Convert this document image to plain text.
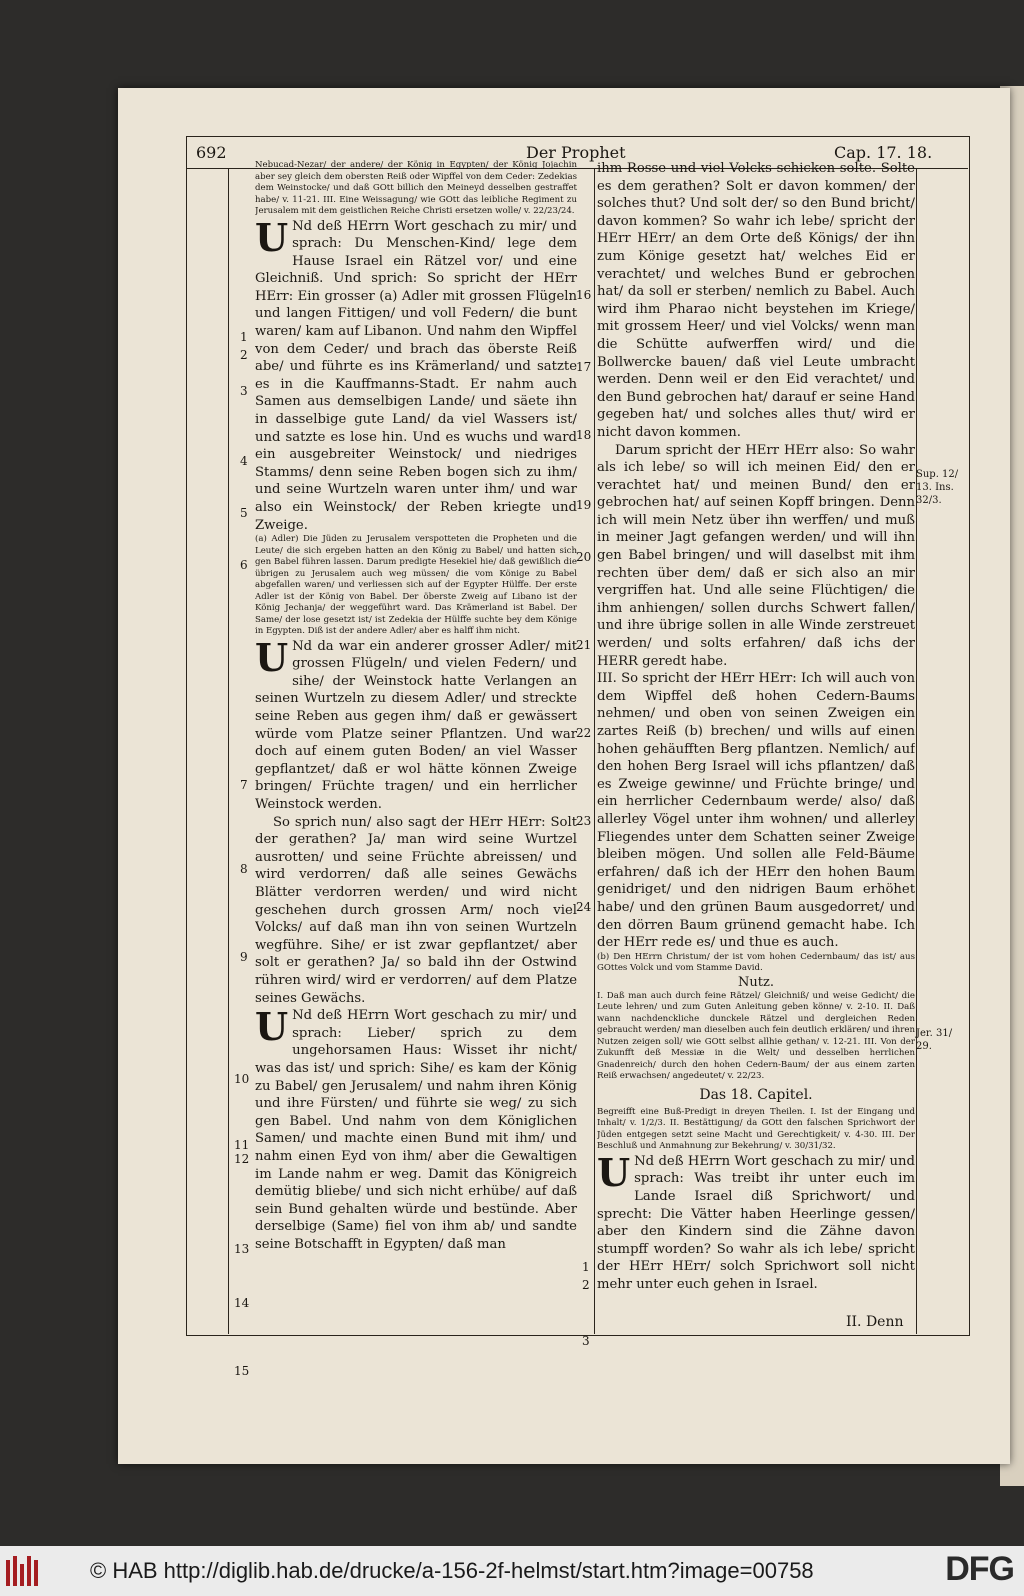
692	Der Prophet	Cap. 17. 18.
1
2
3
4
5
6
7
8
9
10
11
12
13
14
15

Nebucad-Nezar/ der andere/ der König in Egypten/ der König Jojachin aber sey gleich dem obersten Reiß oder Wipffel von dem Ceder: Zedekias dem Weinstocke/ und daß GOtt billich den Meineyd desselben gestraffet habe/ v. 11-21. III. Eine Weissagung/ wie GOtt das leibliche Regiment zu Jerusalem mit dem geistlichen Reiche Christi ersetzen wolle/ v. 22/23/24.

U Nd deß HErrn Wort geschach zu mir/ und sprach: Du Menschen-Kind/ lege dem Hause Israel ein Rätzel vor/ und eine Gleichniß. Und sprich: So spricht der HErr HErr: Ein grosser (a) Adler mit grossen Flügeln und langen Fittigen/ und voll Federn/ die bunt waren/ kam auf Libanon. Und nahm den Wipffel von dem Ceder/ und brach das öberste Reiß abe/ und führte es ins Krämerland/ und satzte es in die Kauffmanns-Stadt. Er nahm auch Samen aus demselbigen Lande/ und säete ihn in dasselbige gute Land/ da viel Wassers ist/ und satzte es lose hin. Und es wuchs und ward ein ausgebreiter Weinstock/ und niedriges Stamms/ denn seine Reben bogen sich zu ihm/ und seine Wurtzeln waren unter ihm/ und war also ein Weinstock/ der Reben kriegte und Zweige.

(a) Adler) Die Jüden zu Jerusalem verspotteten die Propheten und die Leute/ die sich ergeben hatten an den König zu Babel/ und hatten sich gen Babel führen lassen. Darum predigte Hesekiel hie/ daß gewißlich die übrigen zu Jerusalem auch weg müssen/ die vom Könige zu Babel abgefallen waren/ und verliessen sich auf der Egypter Hülffe. Der erste Adler ist der König von Babel. Der öberste Zweig auf Libano ist der König Jechanja/ der weggeführt ward. Das Krämerland ist Babel. Der Same/ der lose gesetzt ist/ ist Zedekia der Hülffe suchte bey dem Könige in Egypten. Diß ist der andere Adler/ aber es halff ihm nicht.

U Nd da war ein anderer grosser Adler/ mit grossen Flügeln/ und vielen Federn/ und sihe/ der Weinstock hatte Verlangen an seinen Wurtzeln zu diesem Adler/ und streckte seine Reben aus gegen ihm/ daß er gewässert würde vom Platze seiner Pflantzen. Und war doch auf einem guten Boden/ an viel Wasser gepflantzet/ daß er wol hätte können Zweige bringen/ Früchte tragen/ und ein herrlicher Weinstock werden.

So sprich nun/ also sagt der HErr HErr: Solt der gerathen? Ja/ man wird seine Wurtzel ausrotten/ und seine Früchte abreissen/ und wird verdorren/ daß alle seines Gewächs Blätter verdorren werden/ und wird nicht geschehen durch grossen Arm/ noch viel Volcks/ auf daß man ihn von seinen Wurtzeln wegführe. Sihe/ er ist zwar gepflantzet/ aber solt er gerathen? Ja/ so bald ihn der Ostwind rühren wird/ wird er verdorren/ auf dem Platze seines Gewächs.

U Nd deß HErrn Wort geschach zu mir/ und sprach: Lieber/ sprich zu dem ungehorsamen Haus: Wisset ihr nicht/ was das ist/ und sprich: Sihe/ es kam der König zu Babel/ gen Jerusalem/ und nahm ihren König und ihre Fürsten/ und führte sie weg/ zu sich gen Babel. Und nahm von dem Königlichen Samen/ und machte einen Bund mit ihm/ und nahm einen Eyd von ihm/ aber die Gewaltigen im Lande nahm er weg. Damit das Königreich demütig bliebe/ und sich nicht erhübe/ auf daß sein Bund gehalten würde und bestünde. Aber derselbige (Same) fiel von ihm ab/ und sandte seine Botschafft in Egypten/ daß man

16
17
18
19
20
21
22
23
24
1
2
3

ihm Rosse und viel Volcks schicken solte. Solte es dem gerathen? Solt er davon kommen/ der solches thut? Und solt der/ so den Bund bricht/ davon kommen? So wahr ich lebe/ spricht der HErr HErr/ an dem Orte deß Königs/ der ihn zum Könige gesetzt hat/ welches Eid er verachtet/ und welches Bund er gebrochen hat/ da soll er sterben/ nemlich zu Babel. Auch wird ihm Pharao nicht beystehen im Kriege/ mit grossem Heer/ und viel Volcks/ wenn man die Schütte aufwerffen wird/ und die Bollwercke bauen/ daß viel Leute umbracht werden. Denn weil er den Eid verachtet/ und den Bund gebrochen hat/ darauf er seine Hand gegeben hat/ und solches alles thut/ wird er nicht davon kommen.

Darum spricht der HErr HErr also: So wahr als ich lebe/ so will ich meinen Eid/ den er verachtet hat/ und meinen Bund/ den er gebrochen hat/ auf seinen Kopff bringen. Denn ich will mein Netz über ihn werffen/ und muß in meiner Jagt gefangen werden/ und will ihn gen Babel bringen/ und will daselbst mit ihm rechten über dem/ daß er sich also an mir vergriffen hat. Und alle seine Flüchtigen/ die ihm anhiengen/ sollen durchs Schwert fallen/ und ihre übrige sollen in alle Winde zerstreuet werden/ und solts erfahren/ daß ichs der HERR geredt habe.

III. So spricht der HErr HErr: Ich will auch von dem Wipffel deß hohen Cedern-Baums nehmen/ und oben von seinen Zweigen ein zartes Reiß (b) brechen/ und wills auf einen hohen gehäufften Berg pflantzen. Nemlich/ auf den hohen Berg Israel will ichs pflantzen/ daß es Zweige gewinne/ und Früchte bringe/ und ein herrlicher Cedernbaum werde/ also/ daß allerley Vögel unter ihm wohnen/ und allerley Fliegendes unter dem Schatten seiner Zweige bleiben mögen. Und sollen alle Feld-Bäume erfahren/ daß ich der HErr den hohen Baum genidriget/ und den nidrigen Baum erhöhet habe/ und den grünen Baum ausgedorret/ und den dörren Baum grünend gemacht habe. Ich der HErr rede es/ und thue es auch.

(b) Den HErrn Christum/ der ist vom hohen Cedernbaum/ das ist/ aus GOttes Volck und vom Stamme David.

Nutz.

I. Daß man auch durch feine Rätzel/ Gleichniß/ und weise Gedicht/ die Leute lehren/ und zum Guten Anleitung geben könne/ v. 2-10. II. Daß wann nachdenckliche dunckele Rätzel und dergleichen Reden gebraucht werden/ man dieselben auch fein deutlich erklären/ und ihren Nutzen zeigen soll/ wie GOtt selbst allhie gethan/ v. 12-21. III. Von der Zukunfft deß Messiæ in die Welt/ und desselben herrlichen Gnadenreich/ durch den hohen Cedern-Baum/ der aus einem zarten Reiß erwachsen/ angedeutet/ v. 22/23.

Das 18. Capitel.

Begreifft eine Buß-Predigt in dreyen Theilen. I. Ist der Eingang und Inhalt/ v. 1/2/3. II. Bestättigung/ da GOtt den falschen Sprichwort der Jüden entgegen setzt seine Macht und Gerechtigkeit/ v. 4-30. III. Der Beschluß und Anmahnung zur Bekehrung/ v. 30/31/32.

U Nd deß HErrn Wort geschach zu mir/ und sprach: Was treibt ihr unter euch im Lande Israel diß Sprichwort/ und sprecht: Die Vätter haben Heerlinge gessen/ aber den Kindern sind die Zähne davon stumpff worden? So wahr als ich lebe/ spricht der HErr HErr/ solch Sprichwort soll nicht mehr unter euch gehen in Israel.

Sup. 12/ 13. Ins. 32/3.
Jer. 31/ 29.
II. Denn
© HAB http://diglib.hab.de/drucke/a-156-2f-helmst/start.htm?image=00758	DFG
